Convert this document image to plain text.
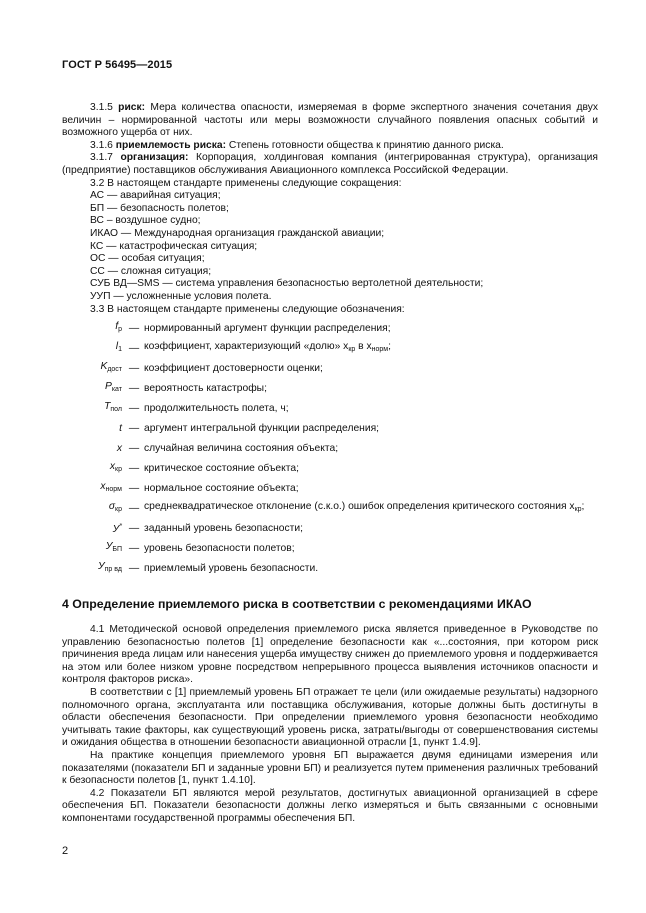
ГОСТ Р 56495—2015

3.1.5 риск: Мера количества опасности, измеряемая в форме экспертного значения сочетания двух величин – нормированной частоты или меры возможности случайного появления опасных событий и возможного ущерба от них.

3.1.6 приемлемость риска: Степень готовности общества к принятию данного риска.

3.1.7 организация: Корпорация, холдинговая компания (интегрированная структура), организация (предприятие) поставщиков обслуживания Авиационного комплекса Российской Федерации.

3.2 В настоящем стандарте применены следующие сокращения:

АС — аварийная ситуация;

БП — безопасность полетов;

ВС – воздушное судно;

ИКАО — Международная организация гражданской авиации;

КС — катастрофическая ситуация;

ОС — особая ситуация;

СС — сложная ситуация;

СУБ ВД—SMS — система управления безопасностью вертолетной деятельности;

УУП — усложненные условия полета.

3.3 В настоящем стандарте применены следующие обозначения:

$f_р$ — нормированный аргумент функции распределения;
$l_1$ — коэффициент, характеризующий «долю» $x_{кр}$ в $x_{норм}$;
$K_{дост}$ — коэффициент достоверности оценки;
$P_{кат}$ — вероятность катастрофы;
$T_{пол}$ — продолжительность полета, ч;
t — аргумент интегральной функции распределения;
x — случайная величина состояния объекта;
$x_{кр}$ — критическое состояние объекта;
$x_{норм}$ — нормальное состояние объекта;
$\sigma_{кр}$ — среднеквадратическое отклонение (с.к.о.) ошибок определения критического состояния $x_{кр}$;
У* — заданный уровень безопасности;
$У_{БП}$ — уровень безопасности полетов;
$У_{пр вд}$ — приемлемый уровень безопасности.
4 Определение приемлемого риска в соответствии с рекомендациями ИКАО

4.1 Методической основой определения приемлемого риска является приведенное в Руководстве по управлению безопасностью полетов [1] определение безопасности как «...состояния, при котором риск причинения вреда лицам или нанесения ущерба имуществу снижен до приемлемого уровня и поддерживается на этом или более низком уровне посредством непрерывного процесса выявления источников опасности и контроля факторов риска».

В соответствии с [1] приемлемый уровень БП отражает те цели (или ожидаемые результаты) надзорного полномочного органа, эксплуатанта или поставщика обслуживания, которые должны быть достигнуты в области обеспечения безопасности. При определении приемлемого уровня безопасности необходимо учитывать такие факторы, как существующий уровень риска, затраты/выгоды от совершенствования системы и ожидания общества в отношении безопасности авиационной отрасли [1, пункт 1.4.9].

На практике концепция приемлемого уровня БП выражается двумя единицами измерения или показателями (показатели БП и заданные уровни БП) и реализуется путем применения различных требований к безопасности полетов [1, пункт 1.4.10].

4.2 Показатели БП являются мерой результатов, достигнутых авиационной организацией в сфере обеспечения БП. Показатели безопасности должны легко измеряться и быть связанными с основными компонентами государственной программы обеспечения БП.

2
